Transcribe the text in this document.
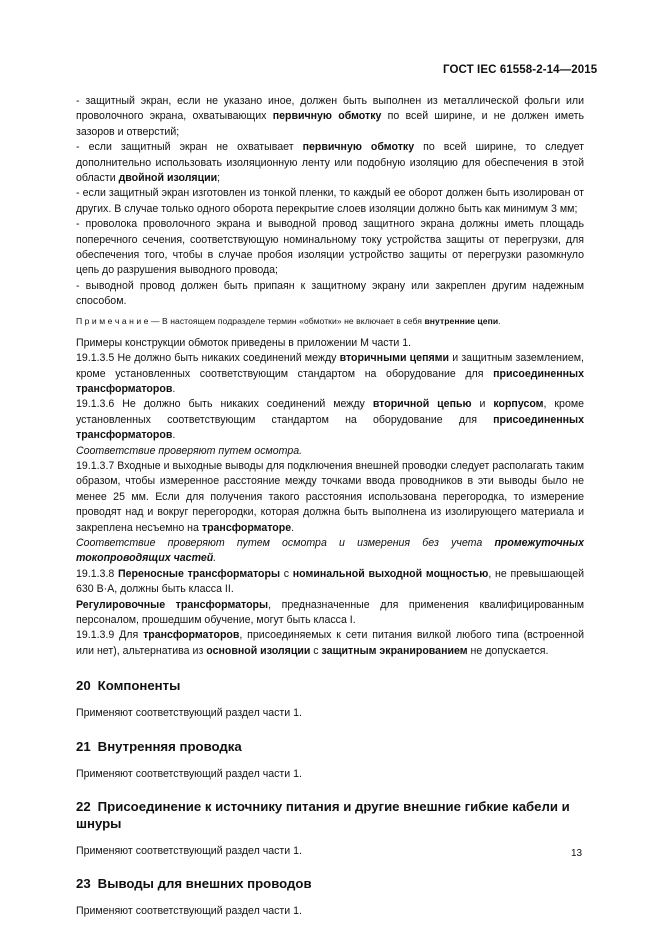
ГОСТ IEC 61558-2-14—2015

- защитный экран, если не указано иное, должен быть выполнен из металлической фольги или проволочного экрана, охватывающих первичную обмотку по всей ширине, и не должен иметь зазоров и отверстий;

- если защитный экран не охватывает первичную обмотку по всей ширине, то следует дополнительно использовать изоляционную ленту или подобную изоляцию для обеспечения в этой области двойной изоляции;

- если защитный экран изготовлен из тонкой пленки, то каждый ее оборот должен быть изолирован от других. В случае только одного оборота перекрытие слоев изоляции должно быть как минимум 3 мм;

- проволока проволочного экрана и выводной провод защитного экрана должны иметь площадь поперечного сечения, соответствующую номинальному току устройства защиты от перегрузки, для обеспечения того, чтобы в случае пробоя изоляции устройство защиты от перегрузки разомкнуло цепь до разрушения выводного провода;

- выводной провод должен быть припаян к защитному экрану или закреплен другим надежным способом.

П р и м е ч а н и е — В настоящем подразделе термин «обмотки» не включает в себя внутренние цепи.

Примеры конструкции обмоток приведены в приложении М части 1.

19.1.3.5 Не должно быть никаких соединений между вторичными цепями и защитным заземлением, кроме установленных соответствующим стандартом на оборудование для присоединенных трансформаторов.

19.1.3.6 Не должно быть никаких соединений между вторичной цепью и корпусом, кроме установленных соответствующим стандартом на оборудование для присоединенных трансформаторов.

Соответствие проверяют путем осмотра.

19.1.3.7 Входные и выходные выводы для подключения внешней проводки следует располагать таким образом, чтобы измеренное расстояние между точками ввода проводников в эти выводы было не менее 25 мм. Если для получения такого расстояния использована перегородка, то измерение проводят над и вокруг перегородки, которая должна быть выполнена из изолирующего материала и закреплена несъемно на трансформаторе.

Соответствие проверяют путем осмотра и измерения без учета промежуточных токопроводящих частей.

19.1.3.8 Переносные трансформаторы с номинальной выходной мощностью, не превышающей 630 В·А, должны быть класса II.

Регулировочные трансформаторы, предназначенные для применения квалифицированным персоналом, прошедшим обучение, могут быть класса I.

19.1.3.9 Для трансформаторов, присоединяемых к сети питания вилкой любого типа (встроенной или нет), альтернатива из основной изоляции с защитным экранированием не допускается.

20 Компоненты

Применяют соответствующий раздел части 1.

21 Внутренняя проводка

Применяют соответствующий раздел части 1.

22 Присоединение к источнику питания и другие внешние гибкие кабели и шнуры

Применяют соответствующий раздел части 1.

23 Выводы для внешних проводов

Применяют соответствующий раздел части 1.

13
